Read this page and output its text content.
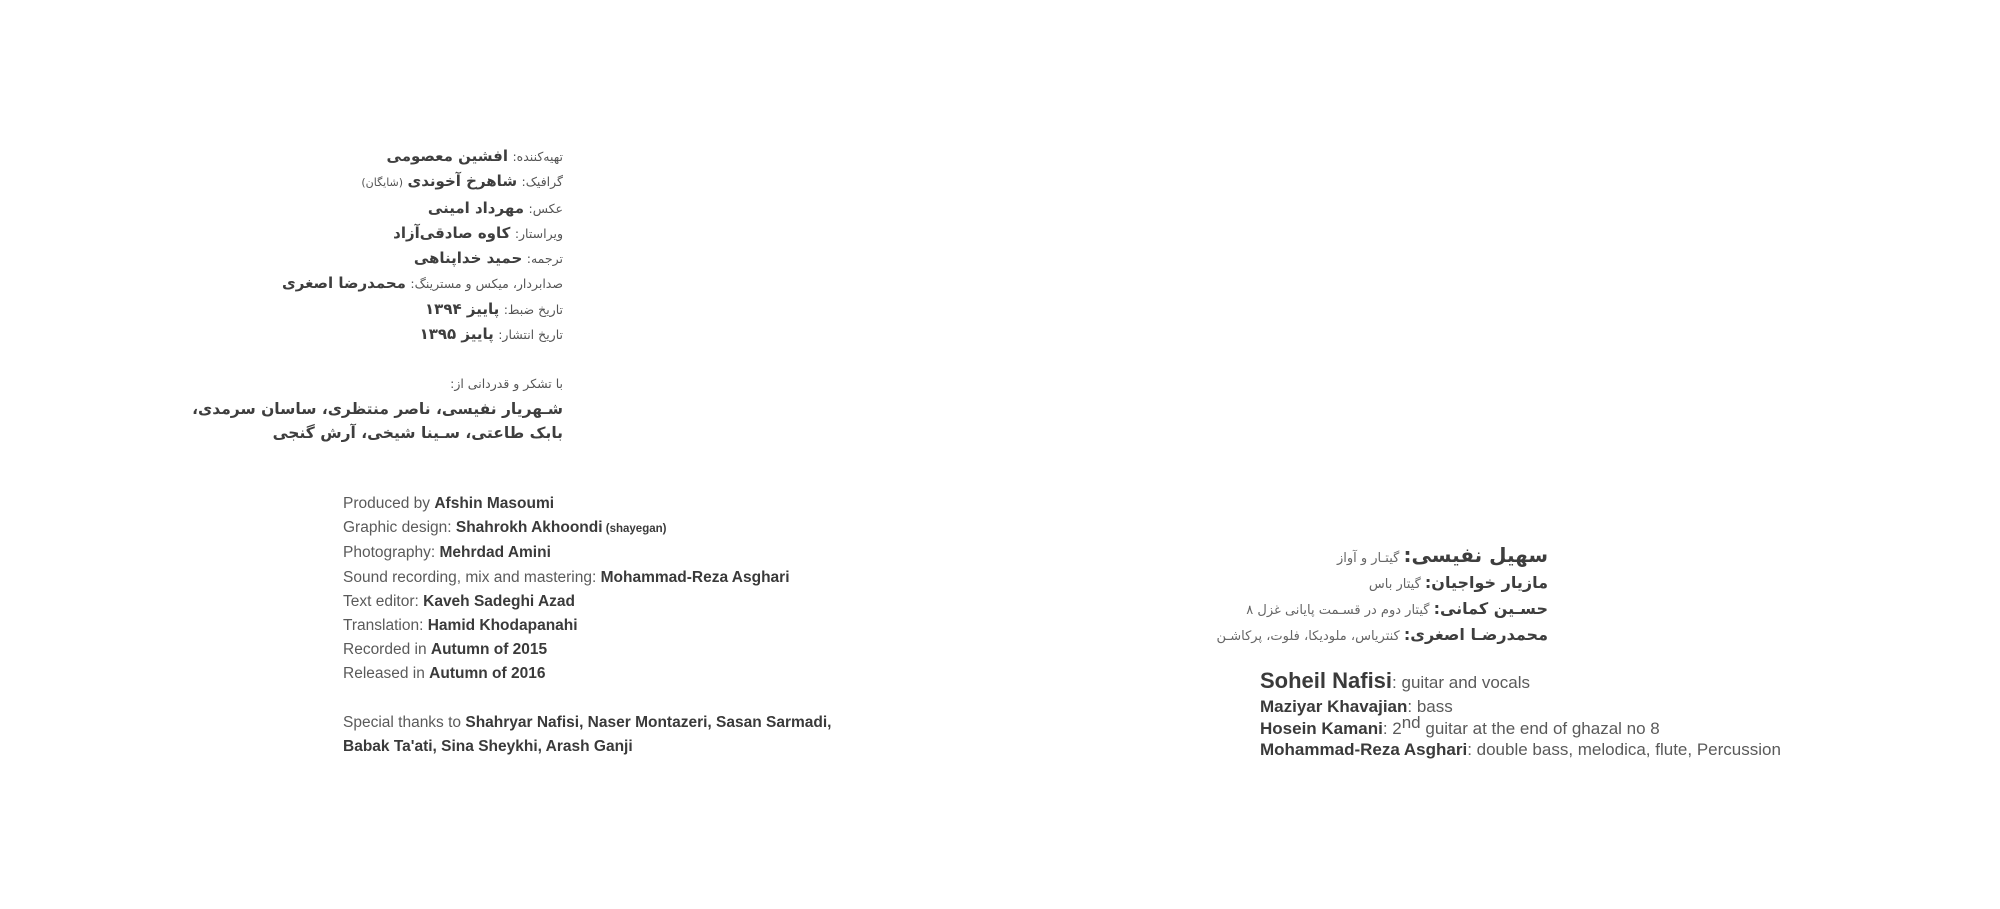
تهیه‌کننده: افشین معصومی
گرافیک: شاهرخ آخوندی (شایگان)
عکس: مهرداد امینی
ویراستار: کاوه صادقی‌آزاد
ترجمه: حمید خداپناهی
صدابردار، میکس و مسترینگ: محمدرضا اصغری
تاریخ ضبط: پاییز ۱۳۹۴
تاریخ انتشار: پاییز ۱۳۹۵
با تشکر و قدردانی از:
شـهریار نفیسی، ناصر منتظری، ساسان سرمدی،
بابک طاعتی، سـینا شیخی، آرش گنجی
Produced by Afshin Masoumi
Graphic design: Shahrokh Akhoondi (shayegan)
Photography: Mehrdad Amini
Sound recording, mix and mastering: Mohammad-Reza Asghari
Text editor: Kaveh Sadeghi Azad
Translation: Hamid Khodapanahi
Recorded in Autumn of 2015
Released in Autumn of 2016
Special thanks to Shahryar Nafisi, Naser Montazeri, Sasan Sarmadi,
Babak Ta'ati, Sina Sheykhi, Arash Ganji
سهیل نفیسی: گیتـار و آواز
مازیار خواجیان: گیتار باس
حسـین کمانی: گیتار دوم در قسـمت پایانی غزل ۸
محمدرضـا اصغری: کنتریاس، ملودیکا، فلوت، پرکاشـن
Soheil Nafisi: guitar and vocals
Maziyar Khavajian: bass
Hosein Kamani: 2nd guitar at the end of ghazal no 8
Mohammad-Reza Asghari: double bass, melodica, flute, Percussion
